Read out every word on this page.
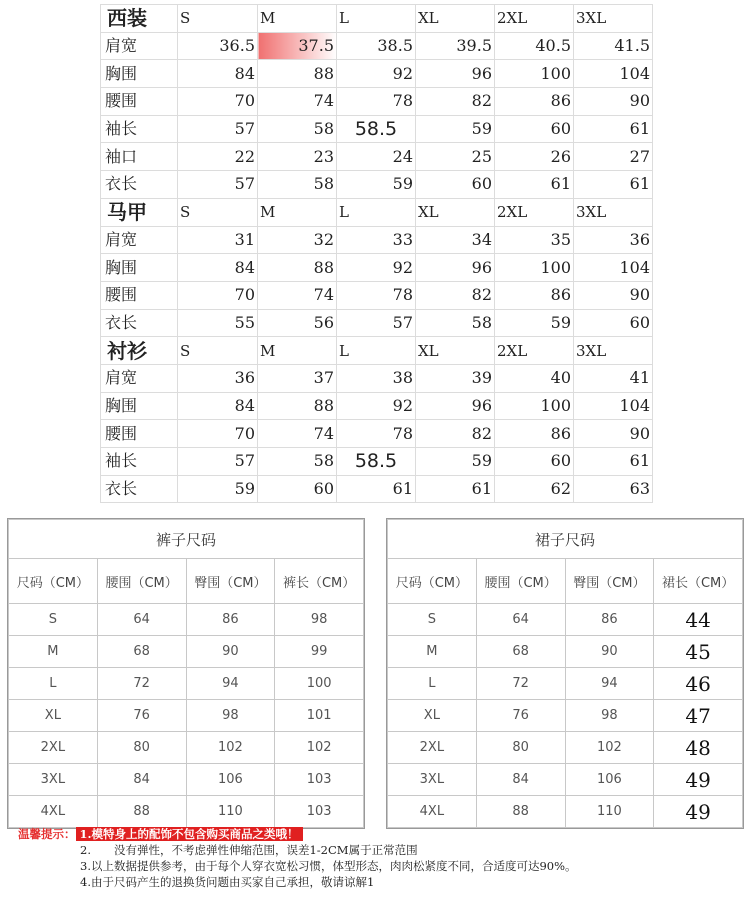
西装	S	M	L	XL	2XL	3XL
肩宽	36.5	37.5	38.5	39.5	40.5	41.5
胸围	84	88	92	96	100	104
腰围	70	74	78	82	86	90
袖长	57	58	58.5	59	60	61
袖口	22	23	24	25	26	27
衣长	57	58	59	60	61	61
马甲	S	M	L	XL	2XL	3XL
肩宽	31	32	33	34	35	36
胸围	84	88	92	96	100	104
腰围	70	74	78	82	86	90
衣长	55	56	57	58	59	60
衬衫	S	M	L	XL	2XL	3XL
肩宽	36	37	38	39	40	41
胸围	84	88	92	96	100	104
腰围	70	74	78	82	86	90
袖长	57	58	58.5	59	60	61
衣长	59	60	61	61	62	63
裤子尺码			
尺码（CM）	腰围（CM）	臀围（CM）	裤长（CM）
S	64	86	98
M	68	90	99
L	72	94	100
XL	76	98	101
2XL	80	102	102
3XL	84	106	103
4XL	88	110	103
裙子尺码			
尺码（CM）	腰围（CM）	臀围（CM）	裙长（CM）
S	64	86	44
M	68	90	45
L	72	94	46
XL	76	98	47
2XL	80	102	48
3XL	84	106	49
4XL	88	110	49
温馨提示： 1.模特身上的配饰不包含购买商品之类哦！
2.　　没有弹性，不考虑弹性伸缩范围，误差1-2CM属于正常范围
3.以上数据提供参考，由于每个人穿衣宽松习惯，体型形态，肉肉松紧度不同，合适度可达90%。
4.由于尺码产生的退换货问题由买家自己承担，敬请谅解1
